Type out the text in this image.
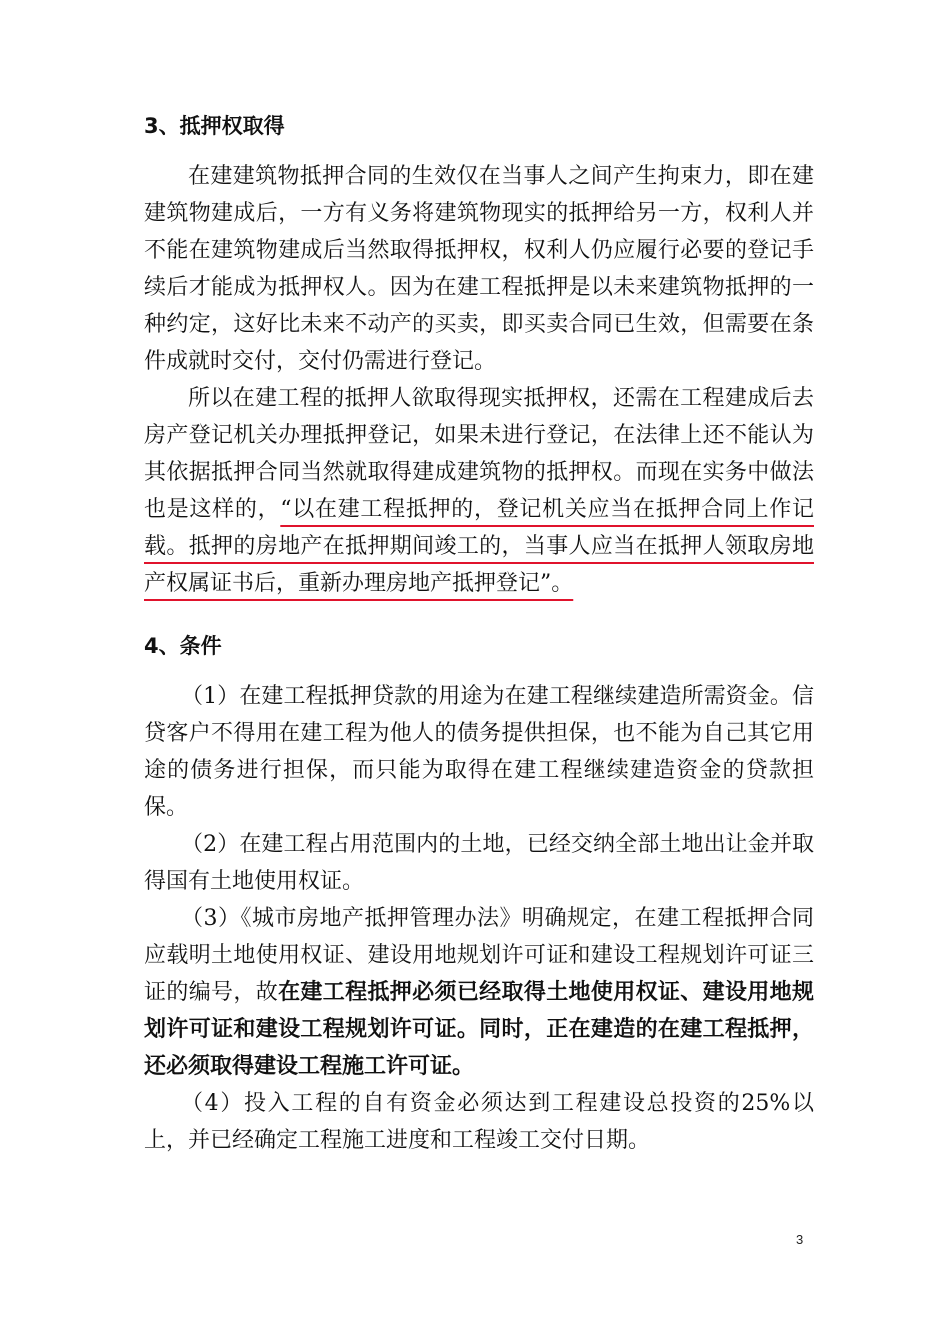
3、抵押权取得

在建建筑物抵押合同的生效仅在当事人之间产生拘束力，即在建建筑物建成后，一方有义务将建筑物现实的抵押给另一方，权利人并不能在建筑物建成后当然取得抵押权，权利人仍应履行必要的登记手续后才能成为抵押权人。因为在建工程抵押是以未来建筑物抵押的一种约定，这好比未来不动产的买卖，即买卖合同已生效，但需要在条件成就时交付，交付仍需进行登记。

所以在建工程的抵押人欲取得现实抵押权，还需在工程建成后去房产登记机关办理抵押登记，如果未进行登记，在法律上还不能认为其依据抵押合同当然就取得建成建筑物的抵押权。而现在实务中做法也是这样的，“以在建工程抵押的，登记机关应当在抵押合同上作记载。抵押的房地产在抵押期间竣工的，当事人应当在抵押人领取房地产权属证书后，重新办理房地产抵押登记”。

4、条件

（1）在建工程抵押贷款的用途为在建工程继续建造所需资金。信贷客户不得用在建工程为他人的债务提供担保，也不能为自己其它用途的债务进行担保，而只能为取得在建工程继续建造资金的贷款担保。

（2）在建工程占用范围内的土地，已经交纳全部土地出让金并取得国有土地使用权证。

（3）《城市房地产抵押管理办法》明确规定，在建工程抵押合同应载明土地使用权证、建设用地规划许可证和建设工程规划许可证三证的编号，故在建工程抵押必须已经取得土地使用权证、建设用地规划许可证和建设工程规划许可证。同时，正在建造的在建工程抵押，还必须取得建设工程施工许可证。

（4）投入工程的自有资金必须达到工程建设总投资的25%以上，并已经确定工程施工进度和工程竣工交付日期。

3
